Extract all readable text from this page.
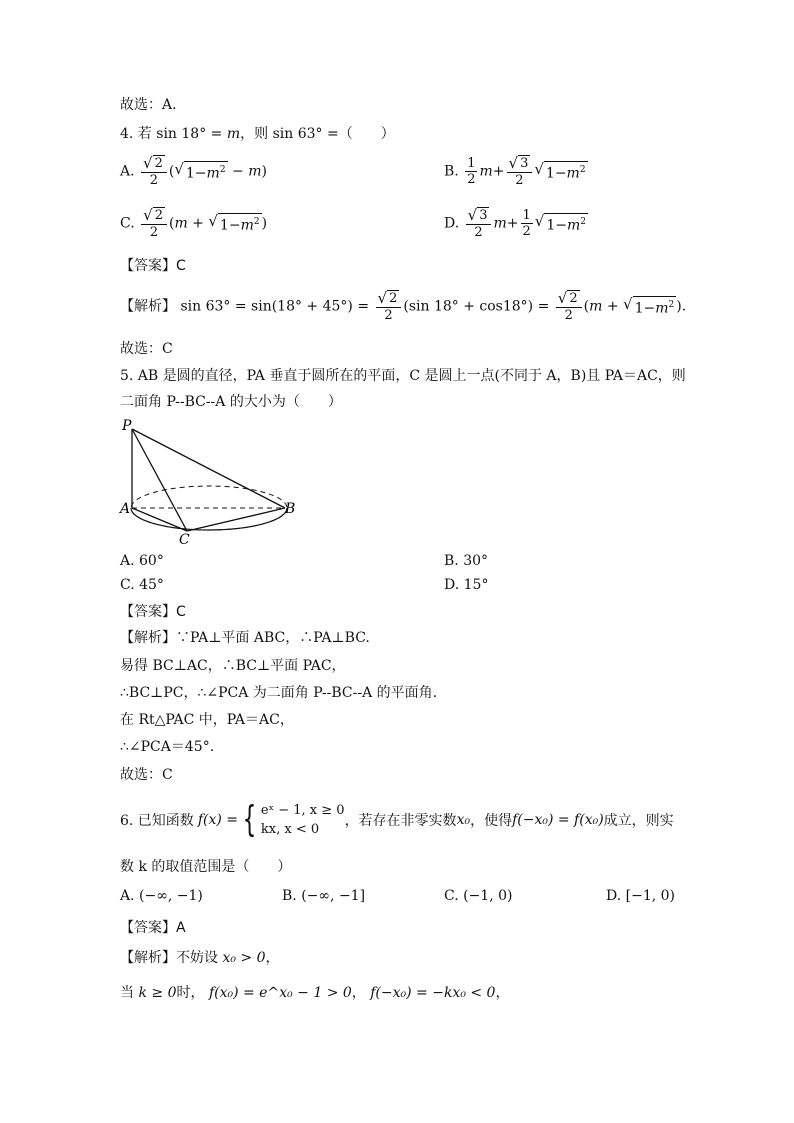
故选：A.
4. 若 sin 18° = m，则 sin 63° =（　　）
A. $\frac{√ 2}{2}$ ( √ $1-m^2 - m$)	B. $\frac{1}{2} m+ \frac{√ 3}{2}$ √ $1-m^2$
C. $\frac{√ 2}{2} (m$ + √ $1-m^2$ )	D. $\frac{√ 3}{2} m+ \frac{1}{2}$ √ $1-m^2$
【答案】C
【解析】 $\sin 63^\circ = \sin(18^\circ + 45^\circ) = \frac{√ 2}{2} (\sin$ $18^\circ + \cos 18^\circ) = \frac{√ 2}{2} (m$ + √ $1-m^2$ ).
故选：C
5. AB 是圆的直径，PA 垂直于圆所在的平面，C 是圆上一点(不同于 A，B)且 PA＝AC，则
二面角 P--BC--A 的大小为（　　）
P
A	B
C
A. 60°	B. 30°
C. 45°	D. 15°
【答案】C
【解析】∵PA⊥平面 ABC，∴PA⊥BC.
易得 BC⊥AC，∴BC⊥平面 PAC，
∴BC⊥PC，∴∠PCA 为二面角 P--BC--A 的平面角.
在 Rt△PAC 中，PA＝AC，
∴∠PCA＝45°.
故选：C
6. 已知函数 f(x) = { eˣ − 1, x ≥ 0
kx, x < 0
，若存在非零实数 x₀ ，使得 f(−x₀) = f(x₀) 成立，则实
数 k 的取值范围是（　　）
A. (−∞, −1)	B. (−∞, −1]	C. (−1, 0)	D. [−1, 0)
【答案】A
【解析】不妨设 x₀ > 0，
当 k ≥ 0时， f(x₀) = e^x₀ − 1 > 0， f(−x₀) = −kx₀ < 0，
